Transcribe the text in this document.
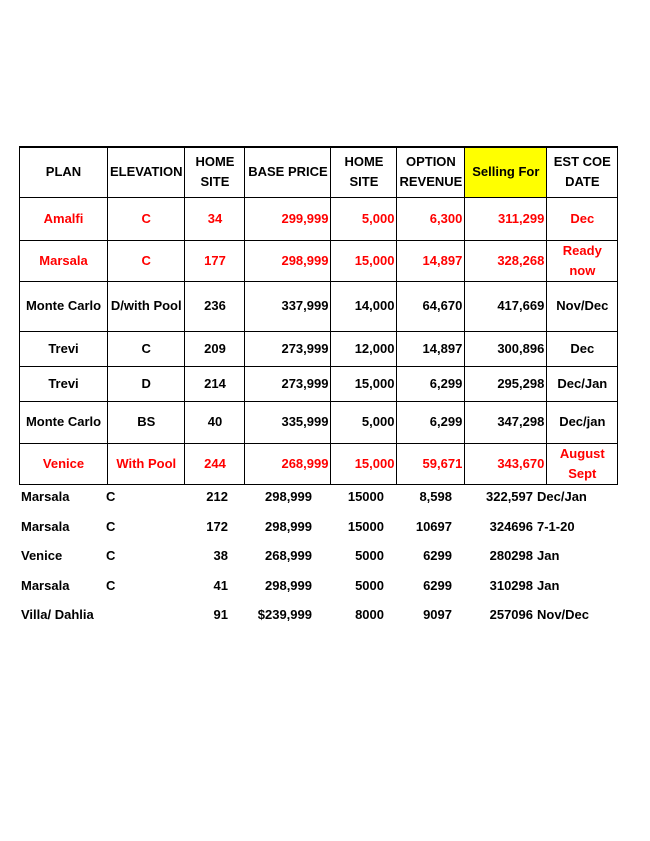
PLAN	ELEVATION	HOME SITE	BASE PRICE	HOME SITE	OPTION REVENUE	Selling For	EST COE DATE
Amalfi	C	34	299,999	5,000	6,300	311,299	Dec
Marsala	C	177	298,999	15,000	14,897	328,268	Ready now
Monte Carlo	D/with Pool	236	337,999	14,000	64,670	417,669	Nov/Dec
Trevi	C	209	273,999	12,000	14,897	300,896	Dec
Trevi	D	214	273,999	15,000	6,299	295,298	Dec/Jan
Monte Carlo	BS	40	335,999	5,000	6,299	347,298	Dec/jan
Venice	With Pool	244	268,999	15,000	59,671	343,670	August Sept
Marsala	C	212	298,999	15000	8,598	322,597	Dec/Jan
Marsala	C	172	298,999	15000	10697	324696	7-1-20
Venice	C	38	268,999	5000	6299	280298	Jan
Marsala	C	41	298,999	5000	6299	310298	Jan
Villa/ Dahlia		91	$239,999	8000	9097	257096	Nov/Dec
